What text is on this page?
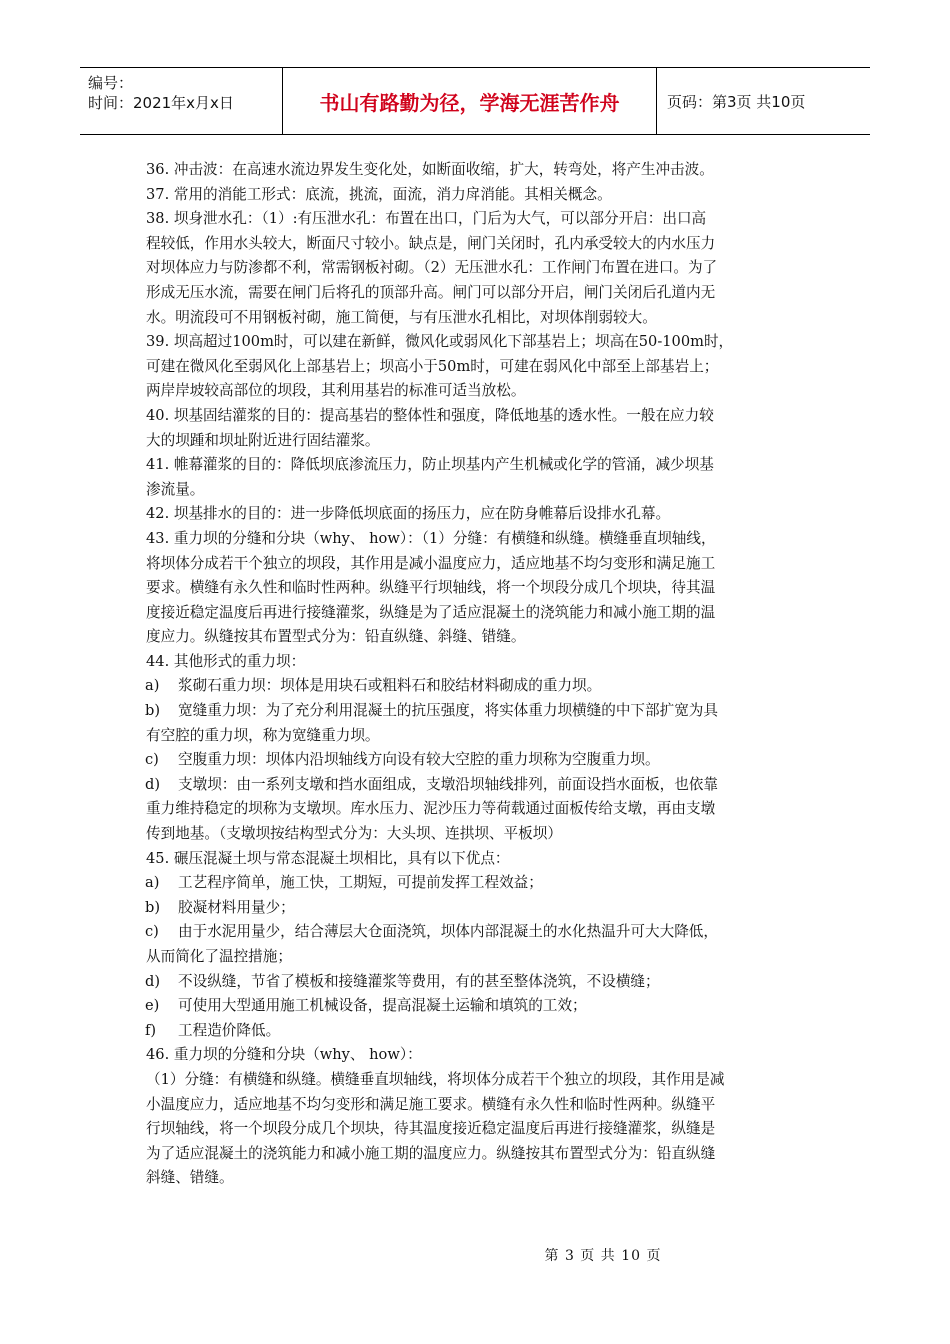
编号：
时间：2021年x月x日	书山有路勤为径，学海无涯苦作舟	页码：第3页 共10页
36. 冲击波：在高速水流边界发生变化处，如断面收缩，扩大，转弯处，将产生冲击波。
37. 常用的消能工形式：底流，挑流，面流，消力戽消能。其相关概念。
38. 坝身泄水孔：（1）:有压泄水孔：布置在出口，门后为大气，可以部分开启：出口高
程较低，作用水头较大，断面尺寸较小。缺点是，闸门关闭时，孔内承受较大的内水压力
对坝体应力与防渗都不利，常需钢板衬砌。（2）无压泄水孔：工作闸门布置在进口。为了
形成无压水流，需要在闸门后将孔的顶部升高。闸门可以部分开启，闸门关闭后孔道内无
水。明流段可不用钢板衬砌，施工简便，与有压泄水孔相比，对坝体削弱较大。
39. 坝高超过100m时，可以建在新鲜，微风化或弱风化下部基岩上；坝高在50-100m时，
可建在微风化至弱风化上部基岩上；坝高小于50m时，可建在弱风化中部至上部基岩上；
两岸岸坡较高部位的坝段，其利用基岩的标准可适当放松。
40. 坝基固结灌浆的目的：提高基岩的整体性和强度，降低地基的透水性。一般在应力较
大的坝踵和坝址附近进行固结灌浆。
41. 帷幕灌浆的目的：降低坝底渗流压力，防止坝基内产生机械或化学的管涌，减少坝基
渗流量。
42. 坝基排水的目的：进一步降低坝底面的扬压力，应在防身帷幕后设排水孔幕。
43. 重力坝的分缝和分块（why、 how）：（1）分缝：有横缝和纵缝。横缝垂直坝轴线，
将坝体分成若干个独立的坝段，其作用是减小温度应力，适应地基不均匀变形和满足施工
要求。横缝有永久性和临时性两种。纵缝平行坝轴线，将一个坝段分成几个坝块，待其温
度接近稳定温度后再进行接缝灌浆，纵缝是为了适应混凝土的浇筑能力和减小施工期的温
度应力。纵缝按其布置型式分为：铅直纵缝、斜缝、错缝。
44. 其他形式的重力坝：
a) 浆砌石重力坝：坝体是用块石或粗料石和胶结材料砌成的重力坝。
b) 宽缝重力坝：为了充分利用混凝土的抗压强度，将实体重力坝横缝的中下部扩宽为具
有空腔的重力坝，称为宽缝重力坝。
c) 空腹重力坝：坝体内沿坝轴线方向设有较大空腔的重力坝称为空腹重力坝。
d) 支墩坝：由一系列支墩和挡水面组成，支墩沿坝轴线排列，前面设挡水面板，也依靠
重力维持稳定的坝称为支墩坝。库水压力、泥沙压力等荷载通过面板传给支墩，再由支墩
传到地基。（支墩坝按结构型式分为：大头坝、连拱坝、平板坝）
45. 碾压混凝土坝与常态混凝土坝相比，具有以下优点：
a) 工艺程序简单，施工快，工期短，可提前发挥工程效益；
b) 胶凝材料用量少；
c) 由于水泥用量少，结合薄层大仓面浇筑，坝体内部混凝土的水化热温升可大大降低，
从而简化了温控措施；
d) 不设纵缝，节省了模板和接缝灌浆等费用，有的甚至整体浇筑，不设横缝；
e) 可使用大型通用施工机械设备，提高混凝土运输和填筑的工效；
f) 工程造价降低。
46. 重力坝的分缝和分块（why、 how）：
（1）分缝：有横缝和纵缝。横缝垂直坝轴线，将坝体分成若干个独立的坝段，其作用是减
小温度应力，适应地基不均匀变形和满足施工要求。横缝有永久性和临时性两种。纵缝平
行坝轴线，将一个坝段分成几个坝块，待其温度接近稳定温度后再进行接缝灌浆，纵缝是
为了适应混凝土的浇筑能力和减小施工期的温度应力。纵缝按其布置型式分为：铅直纵缝
斜缝、错缝。
第 3 页 共 10 页
